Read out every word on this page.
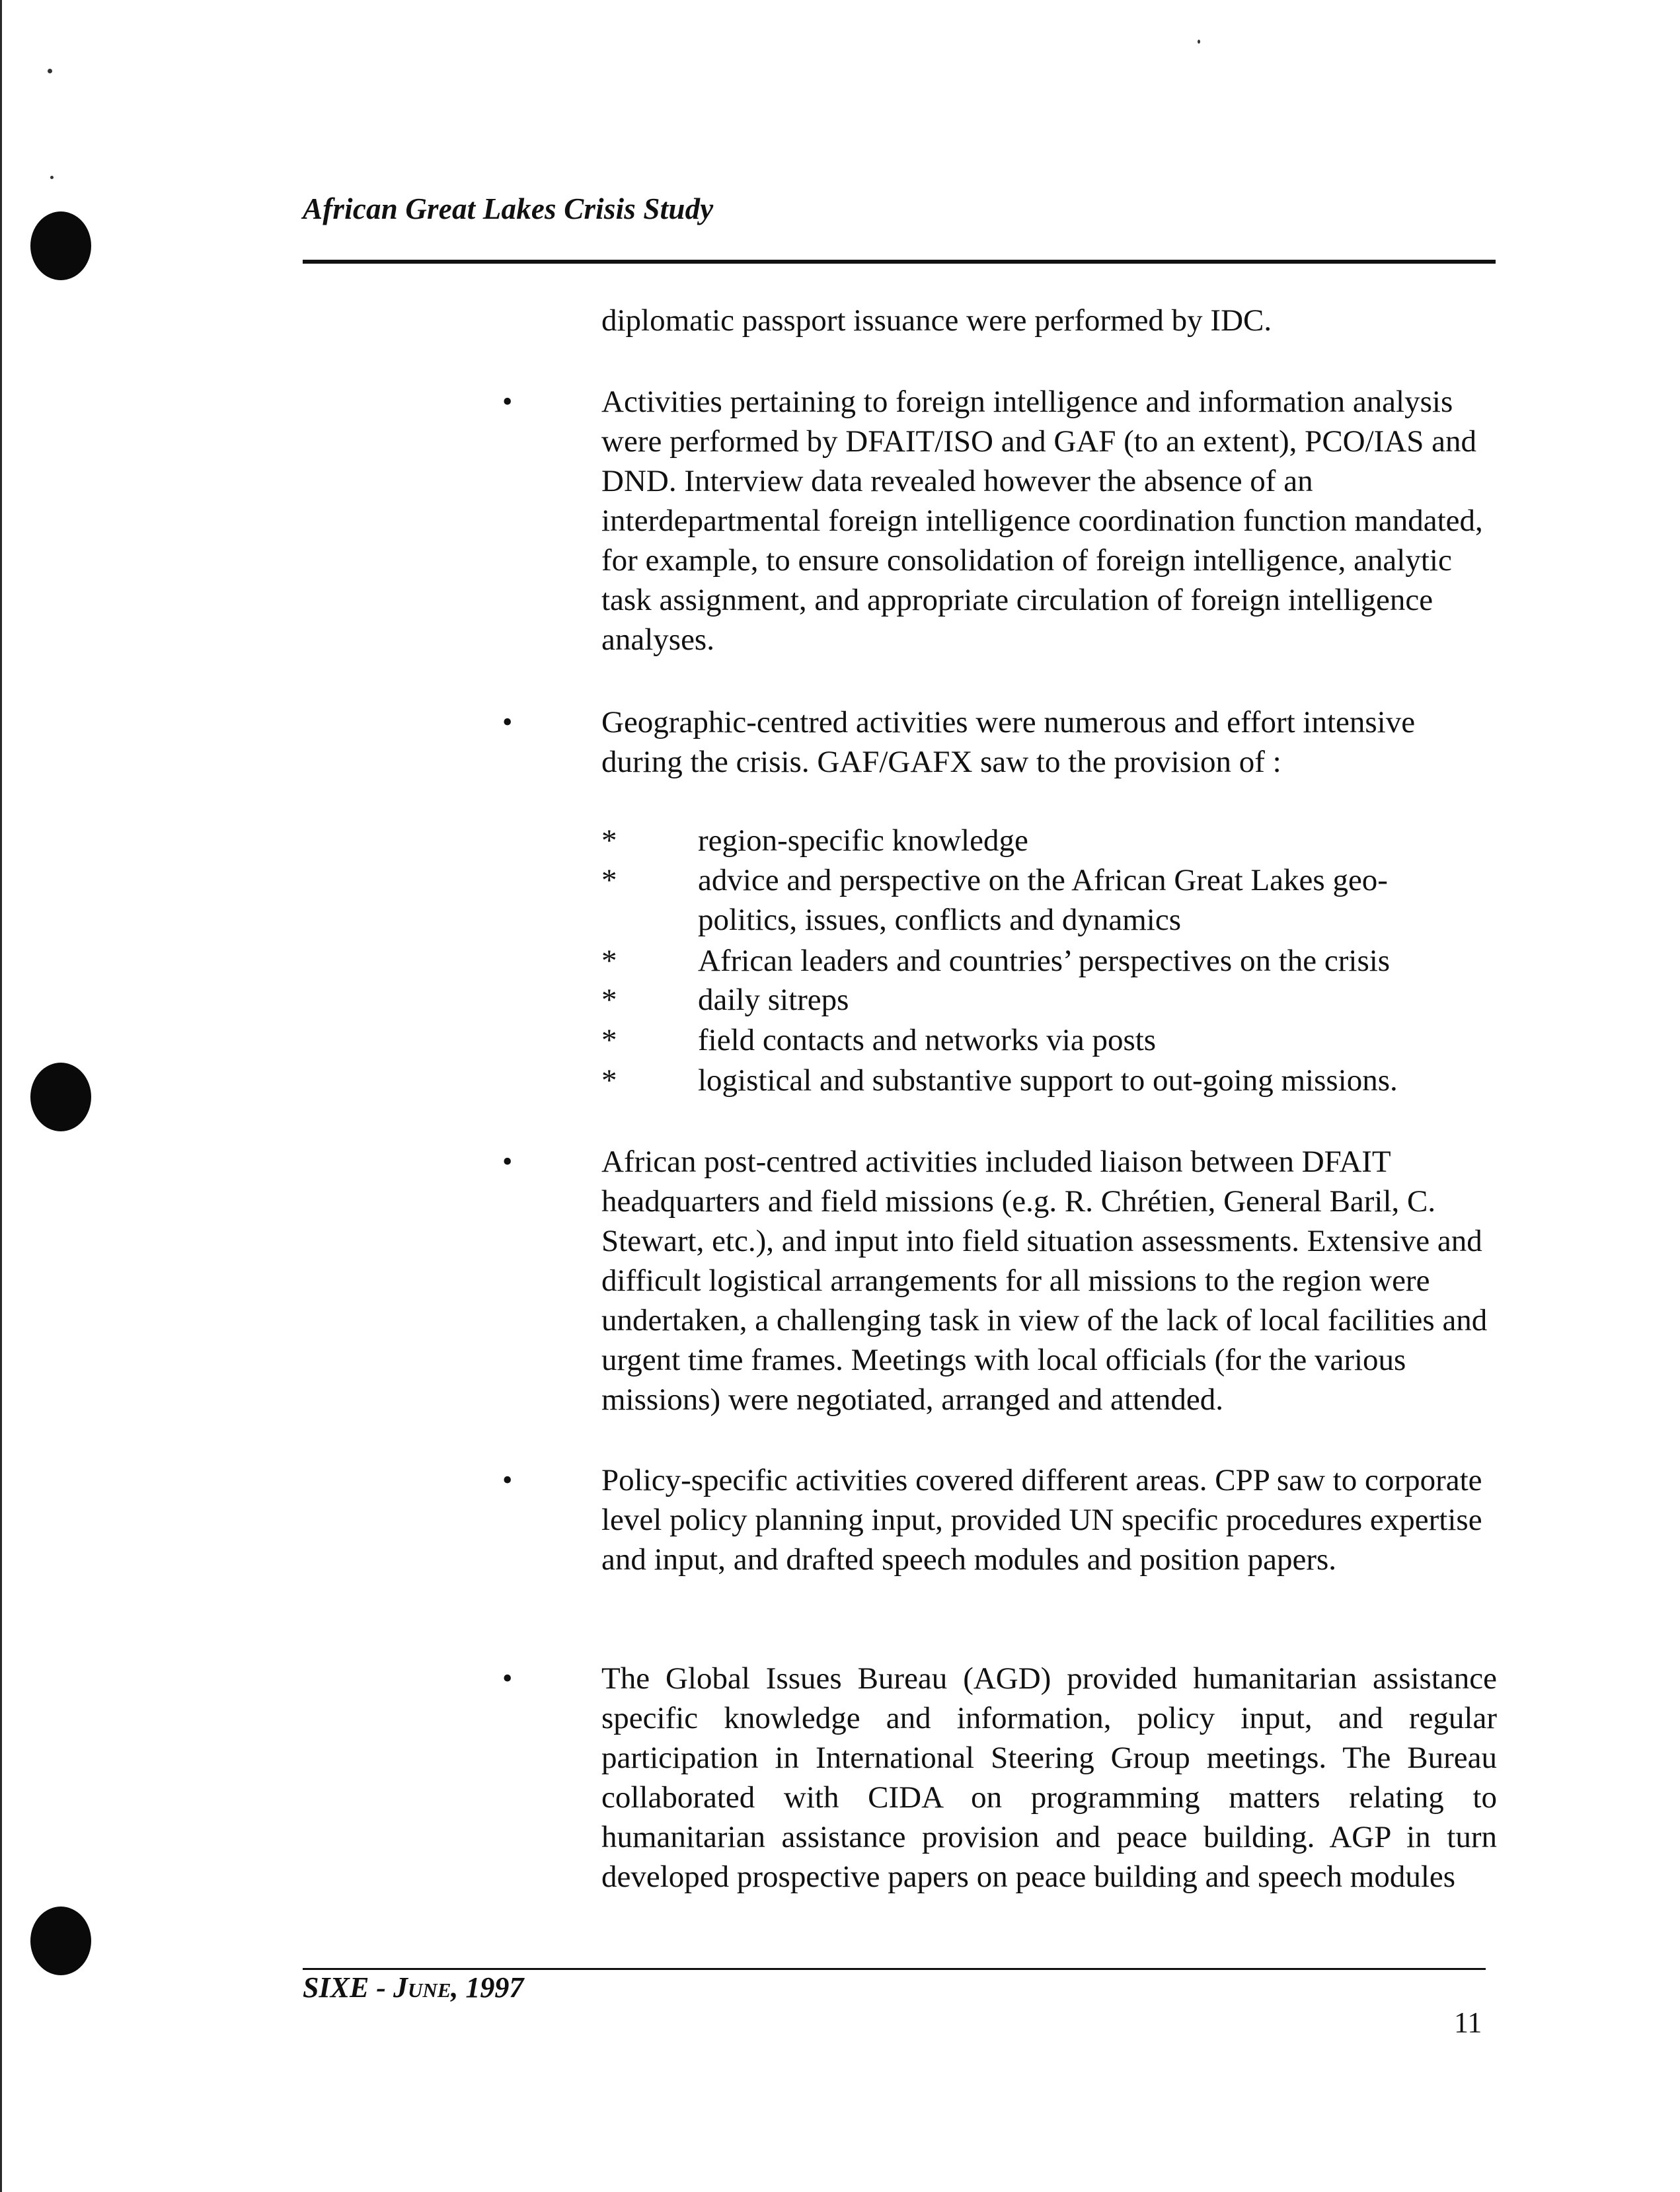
African Great Lakes Crisis Study
diplomatic passport issuance were performed by IDC.
•	Activities pertaining to foreign intelligence and information analysis were performed by DFAIT/ISO and GAF (to an extent), PCO/IAS and DND. Interview data revealed however the absence of an interdepartmental foreign intelligence coordination function mandated, for example, to ensure consolidation of foreign intelligence, analytic task assignment, and appropriate circulation of foreign intelligence analyses.
•	Geographic-centred activities were numerous and effort intensive during the crisis. GAF/GAFX saw to the provision of :
*	region-specific knowledge
*	advice and perspective on the African Great Lakes geo-politics, issues, conflicts and dynamics
*	African leaders and countries’ perspectives on the crisis
*	daily sitreps
*	field contacts and networks via posts
*	logistical and substantive support to out-going missions.
•	African post-centred activities included liaison between DFAIT headquarters and field missions (e.g. R. Chrétien, General Baril, C. Stewart, etc.), and input into field situation assessments. Extensive and difficult logistical arrangements for all missions to the region were undertaken, a challenging task in view of the lack of local facilities and urgent time frames. Meetings with local officials (for the various missions) were negotiated, arranged and attended.
•	Policy-specific activities covered different areas. CPP saw to corporate level policy planning input, provided UN specific procedures expertise and input, and drafted speech modules and position papers.
•	The Global Issues Bureau (AGD) provided humanitarian assistance specific knowledge and information, policy input, and regular participation in International Steering Group meetings. The Bureau collaborated with CIDA on programming matters relating to humanitarian assistance provision and peace building. AGP in turn developed prospective papers on peace building and speech modules
SIXE - June, 1997
11
